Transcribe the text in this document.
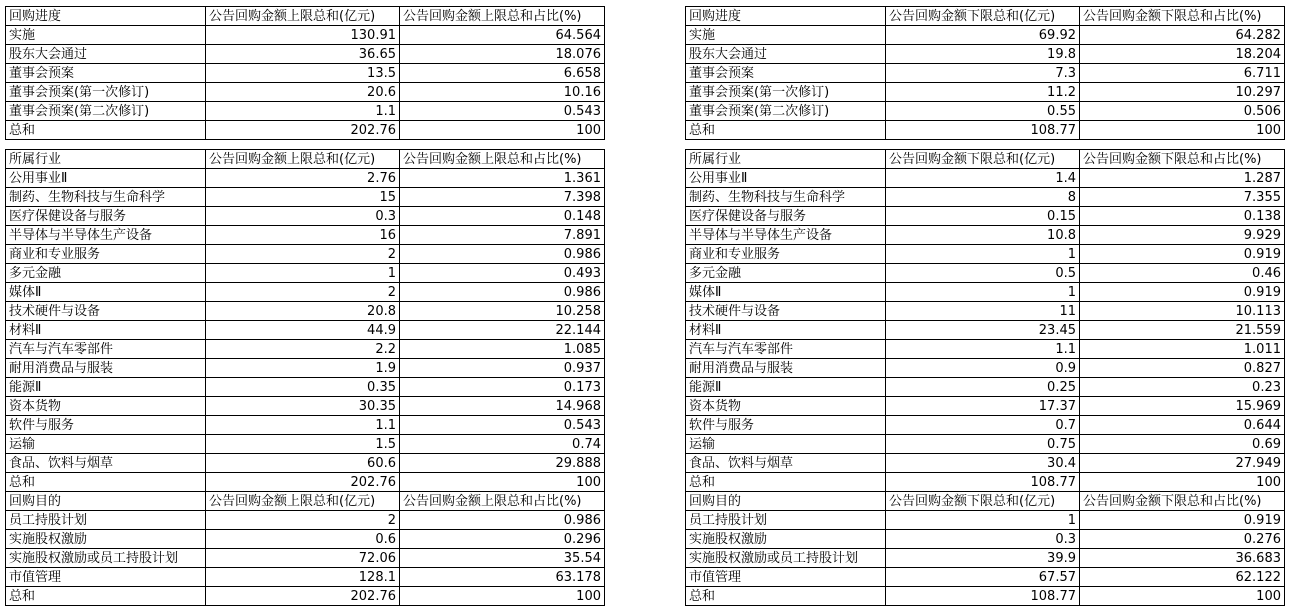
回购进度	公告回购金额上限总和(亿元)	公告回购金额上限总和占比(%)
实施	130.91	64.564
股东大会通过	36.65	18.076
董事会预案	13.5	6.658
董事会预案(第一次修订)	20.6	10.16
董事会预案(第二次修订)	1.1	0.543
总和	202.76	100
回购进度	公告回购金额下限总和(亿元)	公告回购金额下限总和占比(%)
实施	69.92	64.282
股东大会通过	19.8	18.204
董事会预案	7.3	6.711
董事会预案(第一次修订)	11.2	10.297
董事会预案(第二次修订)	0.55	0.506
总和	108.77	100
所属行业	公告回购金额上限总和(亿元)	公告回购金额上限总和占比(%)
公用事业Ⅱ	2.76	1.361
制药、生物科技与生命科学	15	7.398
医疗保健设备与服务	0.3	0.148
半导体与半导体生产设备	16	7.891
商业和专业服务	2	0.986
多元金融	1	0.493
媒体Ⅱ	2	0.986
技术硬件与设备	20.8	10.258
材料Ⅱ	44.9	22.144
汽车与汽车零部件	2.2	1.085
耐用消费品与服装	1.9	0.937
能源Ⅱ	0.35	0.173
资本货物	30.35	14.968
软件与服务	1.1	0.543
运输	1.5	0.74
食品、饮料与烟草	60.6	29.888
总和	202.76	100
所属行业	公告回购金额下限总和(亿元)	公告回购金额下限总和占比(%)
公用事业Ⅱ	1.4	1.287
制药、生物科技与生命科学	8	7.355
医疗保健设备与服务	0.15	0.138
半导体与半导体生产设备	10.8	9.929
商业和专业服务	1	0.919
多元金融	0.5	0.46
媒体Ⅱ	1	0.919
技术硬件与设备	11	10.113
材料Ⅱ	23.45	21.559
汽车与汽车零部件	1.1	1.011
耐用消费品与服装	0.9	0.827
能源Ⅱ	0.25	0.23
资本货物	17.37	15.969
软件与服务	0.7	0.644
运输	0.75	0.69
食品、饮料与烟草	30.4	27.949
总和	108.77	100
回购目的	公告回购金额上限总和(亿元)	公告回购金额上限总和占比(%)
员工持股计划	2	0.986
实施股权激励	0.6	0.296
实施股权激励或员工持股计划	72.06	35.54
市值管理	128.1	63.178
总和	202.76	100
回购目的	公告回购金额下限总和(亿元)	公告回购金额下限总和占比(%)
员工持股计划	1	0.919
实施股权激励	0.3	0.276
实施股权激励或员工持股计划	39.9	36.683
市值管理	67.57	62.122
总和	108.77	100
